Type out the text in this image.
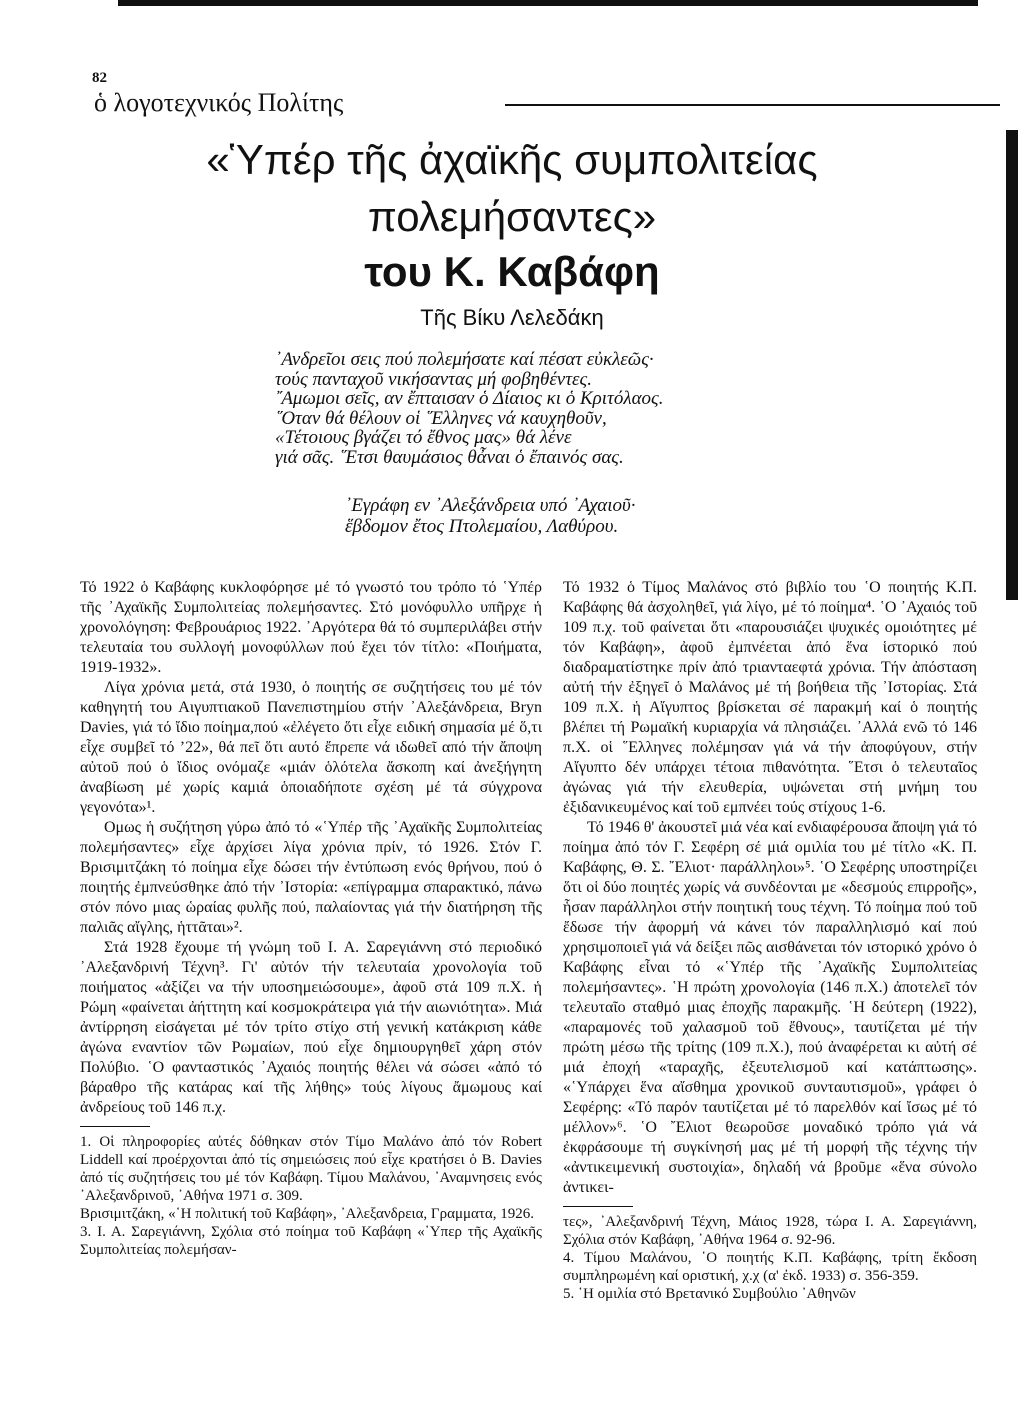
82
ὁ λογοτεχνικός Πολίτης
«Ὑπέρ τῆς ἀχαϊκῆς συμπολιτείας
πολεμήσαντες»
του Κ. Καβάφη
Τῆς Βίκυ Λελεδάκη
᾿Ανδρεῖοι σεις πού πολεμήσατε καί πέσατ εὐκλεῶς·
τούς πανταχοῦ νικήσαντας μή φοβηθέντες.
῎Αμωμοι σεῖς, αν ἔπταισαν ὁ Δίαιος κι ὁ Κριτόλαος.
῞Οταν θά θέλουν οἱ ῞Ελληνες νά καυχηθοῦν,
«Τέτοιους βγάζει τό ἔθνος μας» θά λένε
γιά σᾶς. ῞Ετσι θαυμάσιος θἆναι ὁ ἔπαινός σας.
᾿Εγράφη εν ᾿Αλεξάνδρεια υπό ᾿Αχαιοῦ·
ἕβδομον ἔτος Πτολεμαίου, Λαθύρου.

Τό 1922 ὁ Καβάφης κυκλοφόρησε μέ τό γνωστό του τρόπο τό ῾Υπέρ τῆς ᾿Αχαϊκῆς Συμπολιτείας πολεμήσαντες. Στό μονόφυλλο υπῆρχε ἡ χρονολόγηση: Φεβρουάριος 1922. ᾿Αργότερα θά τό συμπεριλάβει στήν τελευταία του συλλογή μονοφύλλων πού ἔχει τόν τίτλο: «Ποιήματα, 1919-1932».

Λίγα χρόνια μετά, στά 1930, ὁ ποιητής σε συζητήσεις του μέ τόν καθηγητή του Αιγυπτιακοῦ Πανεπιστημίου στήν ᾿Αλεξάνδρεια, Bryn Davies, γιά τό ἴδιο ποίημα,πού «ἐλέγετο ὅτι εἶχε ειδική σημασία μέ ὅ,τι εἶχε συμβεῖ τό ’22», θά πεῖ ὅτι αυτό ἔπρεπε νά ιδωθεῖ από τήν ἄποψη αὐτοῦ πού ὁ ἴδιος ονόμαζε «μιάν ὁλότελα ἄσκοπη καί ἀνεξήγητη ἀναβίωση μέ χωρίς καμιά ὁποιαδήποτε σχέση μέ τά σύγχρονα γεγονότα»¹.

Ομως ἡ συζήτηση γύρω ἀπό τό «῾Υπέρ τῆς ᾿Αχαϊκῆς Συμπολιτείας πολεμήσαντες» εἶχε ἀρχίσει λίγα χρόνια πρίν, τό 1926. Στόν Γ. Βρισιμιτζάκη τό ποίημα εἶχε δώσει τήν ἐντύπωση ενός θρήνου, πού ὁ ποιητής ἐμπνεύσθηκε ἀπό τήν ᾿Ιστορία: «επίγραμμα σπαρακτικό, πάνω στόν πόνο μιας ὡραίας φυλῆς πού, παλαίοντας γιά τήν διατήρηση τῆς παλιᾶς αἴγλης, ἡττᾶται»².

Στά 1928 ἔχουμε τή γνώμη τοῦ Ι. Α. Σαρεγιάννη στό περιοδικό ᾿Αλεξανδρινή Τέχνη³. Γι' αὐτόν τήν τελευταία χρονολογία τοῦ ποιήματος «ἀξίζει να τήν υποσημειώσουμε», ἀφοῦ στά 109 π.Χ. ἡ Ρώμη «φαίνεται ἀήττητη καί κοσμοκράτειρα γιά τήν αιωνιότητα». Μιά ἀντίρρηση εἰσάγεται μέ τόν τρίτο στίχο στή γενική κατάκριση κάθε ἀγώνα εναντίον τῶν Ρωμαίων, πού εἶχε δημιουργηθεῖ χάρη στόν Πολύβιο. ῾Ο φανταστικός ᾿Αχαιός ποιητής θέλει νά σώσει «ἀπό τό βάραθρο τῆς κατάρας καί τῆς λήθης» τούς λίγους ἄμωμους καί ἀνδρείους τοῦ 146 π.χ.

1. Οἱ πληροφορίες αὐτές δόθηκαν στόν Τίμο Μαλάνο ἀπό τόν Robert Liddell καί προέρχονται ἀπό τίς σημειώσεις πού εἶχε κρατήσει ὁ B. Davies ἀπό τίς συζητήσεις του μέ τόν Καβάφη. Τίμου Μαλάνου, ᾿Αναμνησεις ενός ᾿Αλεξανδρινοῦ, ᾿Αθήνα 1971 σ. 309.
Βρισιμιτζάκη, «῾Η πολιτική τοῦ Καβάφη», ᾿Αλεξανδρεια, Γραμματα, 1926.
3. Ι. Α. Σαρεγιάννη, Σχόλια στό ποίημα τοῦ Καβάφη «῾Υπερ τῆς Αχαϊκῆς Συμπολιτείας πολεμήσαν-

Τό 1932 ὁ Τίμος Μαλάνος στό βιβλίο του ῾Ο ποιητής Κ.Π. Καβάφης θά ἀσχοληθεῖ, γιά λίγο, μέ τό ποίημα⁴. ῾Ο ᾿Αχαιός τοῦ 109 π.χ. τοῦ φαίνεται ὅτι «παρουσιάζει ψυχικές ομοιότητες μέ τόν Καβάφη», ἀφοῦ ἐμπνέεται ἀπό ἕνα ἱστορικό πού διαδραματίστηκε πρίν ἀπό τριανταεφτά χρόνια. Τήν ἀπόσταση αὐτή τήν ἐξηγεῖ ὁ Μαλάνος μέ τή βοήθεια τῆς ᾿Ιστορίας. Στά 109 π.Χ. ἡ Αἴγυπτος βρίσκεται σέ παρακμή καί ὁ ποιητής βλέπει τή Ρωμαϊκή κυριαρχία νά πλησιάζει. ᾿Αλλά ενῶ τό 146 π.Χ. οἱ ῞Ελληνες πολέμησαν γιά νά τήν ἀποφύγουν, στήν Αἴγυπτο δέν υπάρχει τέτοια πιθανότητα. ῞Ετσι ὁ τελευταῖος ἀγώνας γιά τήν ελευθερία, υψώνεται στή μνήμη του ἐξιδανικευμένος καί τοῦ εμπνέει τούς στίχους 1-6.

Τό 1946 θ' ἀκουστεῖ μιά νέα καί ενδιαφέρουσα ἄποψη γιά τό ποίημα ἀπό τόν Γ. Σεφέρη σέ μιά ομιλία του μέ τίτλο «Κ. Π. Καβάφης, Θ. Σ. ῎Ελιοτ· παράλληλοι»⁵. ῾Ο Σεφέρης υποστηρίζει ὅτι οἱ δύο ποιητές χωρίς νά συνδέονται με «δεσμούς επιρροῆς», ἧσαν παράλληλοι στήν ποιητική τους τέχνη. Τό ποίημα πού τοῦ ἔδωσε τήν ἀφορμή νά κάνει τόν παραλληλισμό καί πού χρησιμοποιεῖ γιά νά δείξει πῶς αισθάνεται τόν ιστορικό χρόνο ὁ Καβάφης εἶναι τό «῾Υπέρ τῆς ᾿Αχαϊκῆς Συμπολιτείας πολεμήσαντες». ῾Η πρώτη χρονολογία (146 π.Χ.) ἀποτελεῖ τόν τελευταῖο σταθμό μιας ἐποχῆς παρακμῆς. ῾Η δεύτερη (1922), «παραμονές τοῦ χαλασμοῦ τοῦ ἔθνους», ταυτίζεται μέ τήν πρώτη μέσω τῆς τρίτης (109 π.Χ.), πού ἀναφέρεται κι αὐτή σέ μιά ἐποχή «ταραχῆς, ἐξευτελισμοῦ καί κατάπτωσης». «῾Υπάρχει ἕνα αἴσθημα χρονικοῦ συνταυτισμοῦ», γράφει ὁ Σεφέρης: «Τό παρόν ταυτίζεται μέ τό παρελθόν καί ἴσως μέ τό μέλλον»⁶. ῾Ο ῎Ελιοτ θεωροῦσε μοναδικό τρόπο γιά νά ἐκφράσουμε τή συγκίνησή μας μέ τή μορφή τῆς τέχνης τήν «ἀντικειμενική συστοιχία», δηλαδή νά βροῦμε «ἕνα σύνολο ἀντικει-

τες», ᾿Αλεξανδρινή Τέχνη, Μάιος 1928, τώρα Ι. Α. Σαρεγιάννη, Σχόλια στόν Καβάφη, ᾿Αθήνα 1964 σ. 92-96.
4. Τίμου Μαλάνου, ῾Ο ποιητής Κ.Π. Καβάφης, τρίτη ἔκδοση συμπληρωμένη καί οριστική, χ.χ (α' ἐκδ. 1933) σ. 356-359.
5. ῾Η ομιλία στό Βρετανικό Συμβούλιο ᾿Αθηνῶν
